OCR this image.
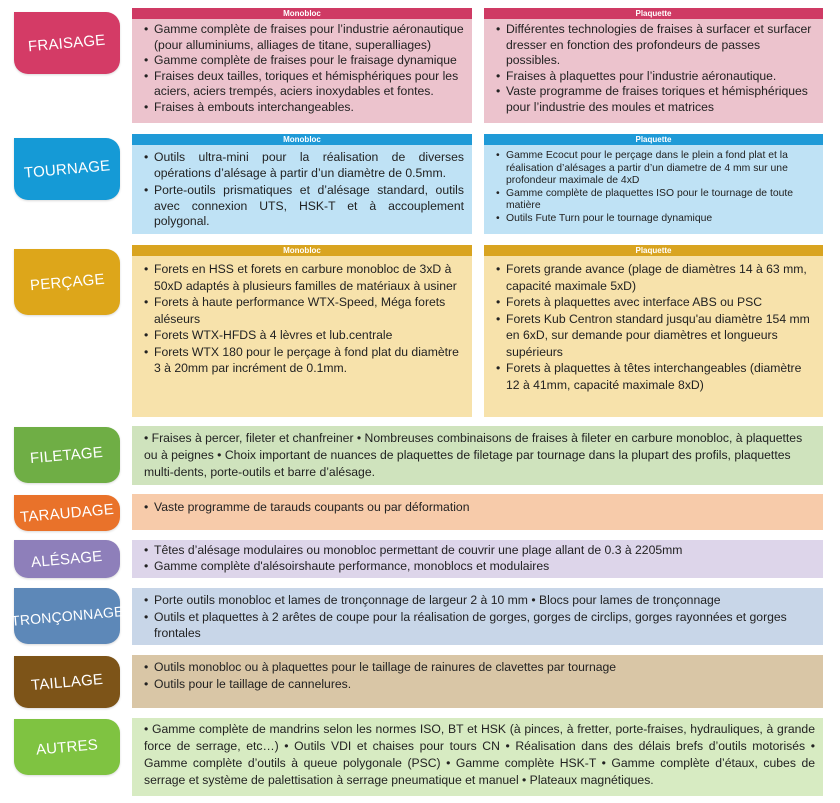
FRAISAGE
Monobloc
• Gamme complète de fraises pour l’industrie aéronautique (pour alluminiums, alliages de titane, superalliages)
• Gamme complète de fraises pour le fraisage dynamique
• Fraises deux tailles, toriques et hémisphériques pour les aciers, aciers trempés, aciers inoxydables et fontes.
• Fraises à embouts interchangeables.
Plaquette
• Différentes technologies de fraises à surfacer et surfacer dresser en fonction des profondeurs de passes possibles.
• Fraises à plaquettes pour l’industrie aéronautique.
• Vaste programme de fraises toriques et hémisphériques pour l’industrie des moules et matrices
TOURNAGE
Monobloc
• Outils ultra-mini pour la réalisation de diverses opérations d’alésage à partir d’un diamètre de 0.5mm.
• Porte-outils prismatiques et d’alésage standard, outils avec connexion UTS, HSK-T et à accouplement polygonal.
Plaquette
• Gamme Ecocut pour le perçage dans le plein a fond plat et la réalisation d’alésages a partir d’un diametre de 4 mm sur une profondeur maximale de 4xD
• Gamme complète de plaquettes ISO pour le tournage de toute matière
• Outils Fute Turn pour le tournage dynamique
PERÇAGE
Monobloc
• Forets en HSS et forets en carbure monobloc de 3xD à 50xD adaptés à plusieurs familles de matériaux à usiner
• Forets à haute performance WTX-Speed, Méga forets aléseurs
• Forets WTX-HFDS à 4 lèvres et lub.centrale
• Forets WTX 180 pour le perçage à fond plat du diamètre 3 à 20mm par incrément de 0.1mm.
Plaquette
• Forets grande avance (plage de diamètres 14 à 63 mm, capacité maximale 5xD)
• Forets à plaquettes avec interface ABS ou PSC
• Forets Kub Centron standard jusqu'au diamètre 154 mm en 6xD, sur demande pour diamètres et longueurs supérieurs
• Forets à plaquettes à têtes interchangeables (diamètre 12 à 41mm, capacité maximale 8xD)
FILETAGE
• Fraises à percer, fileter et chanfreiner • Nombreuses combinaisons de fraises à fileter en carbure monobloc, à plaquettes ou à peignes • Choix important de nuances de plaquettes de filetage par tournage dans la plupart des profils, plaquettes multi-dents, porte-outils et barre d’alésage.
TARAUDAGE	• Vaste programme de tarauds coupants ou par déformation
ALÉSAGE	• Têtes d’alésage modulaires ou monobloc permettant de couvrir une plage allant de 0.3 à 2205mm
• Gamme complète d'alésoirshaute performance, monoblocs et modulaires
TRONÇONNAGE
• Porte outils monobloc et lames de tronçonnage de largeur 2 à 10 mm • Blocs pour lames de tronçonnage
• Outils et plaquettes à 2 arêtes de coupe pour la réalisation de gorges, gorges de circlips, gorges rayonnées et gorges frontales
TAILLAGE
• Outils monobloc ou à plaquettes pour le taillage de rainures de clavettes par tournage
• Outils pour le taillage de cannelures.
AUTRES
• Gamme complète de mandrins selon les normes ISO, BT et HSK (à pinces, à fretter, porte-fraises, hydrauliques, à grande force de serrage, etc…) • Outils VDI et chaises pour tours CN • Réalisation dans des délais brefs d’outils motorisés • Gamme complète d’outils à queue polygonale (PSC) • Gamme complète HSK-T • Gamme complète d’étaux, cubes de serrage et système de palettisation à serrage pneumatique et manuel • Plateaux magnétiques.
